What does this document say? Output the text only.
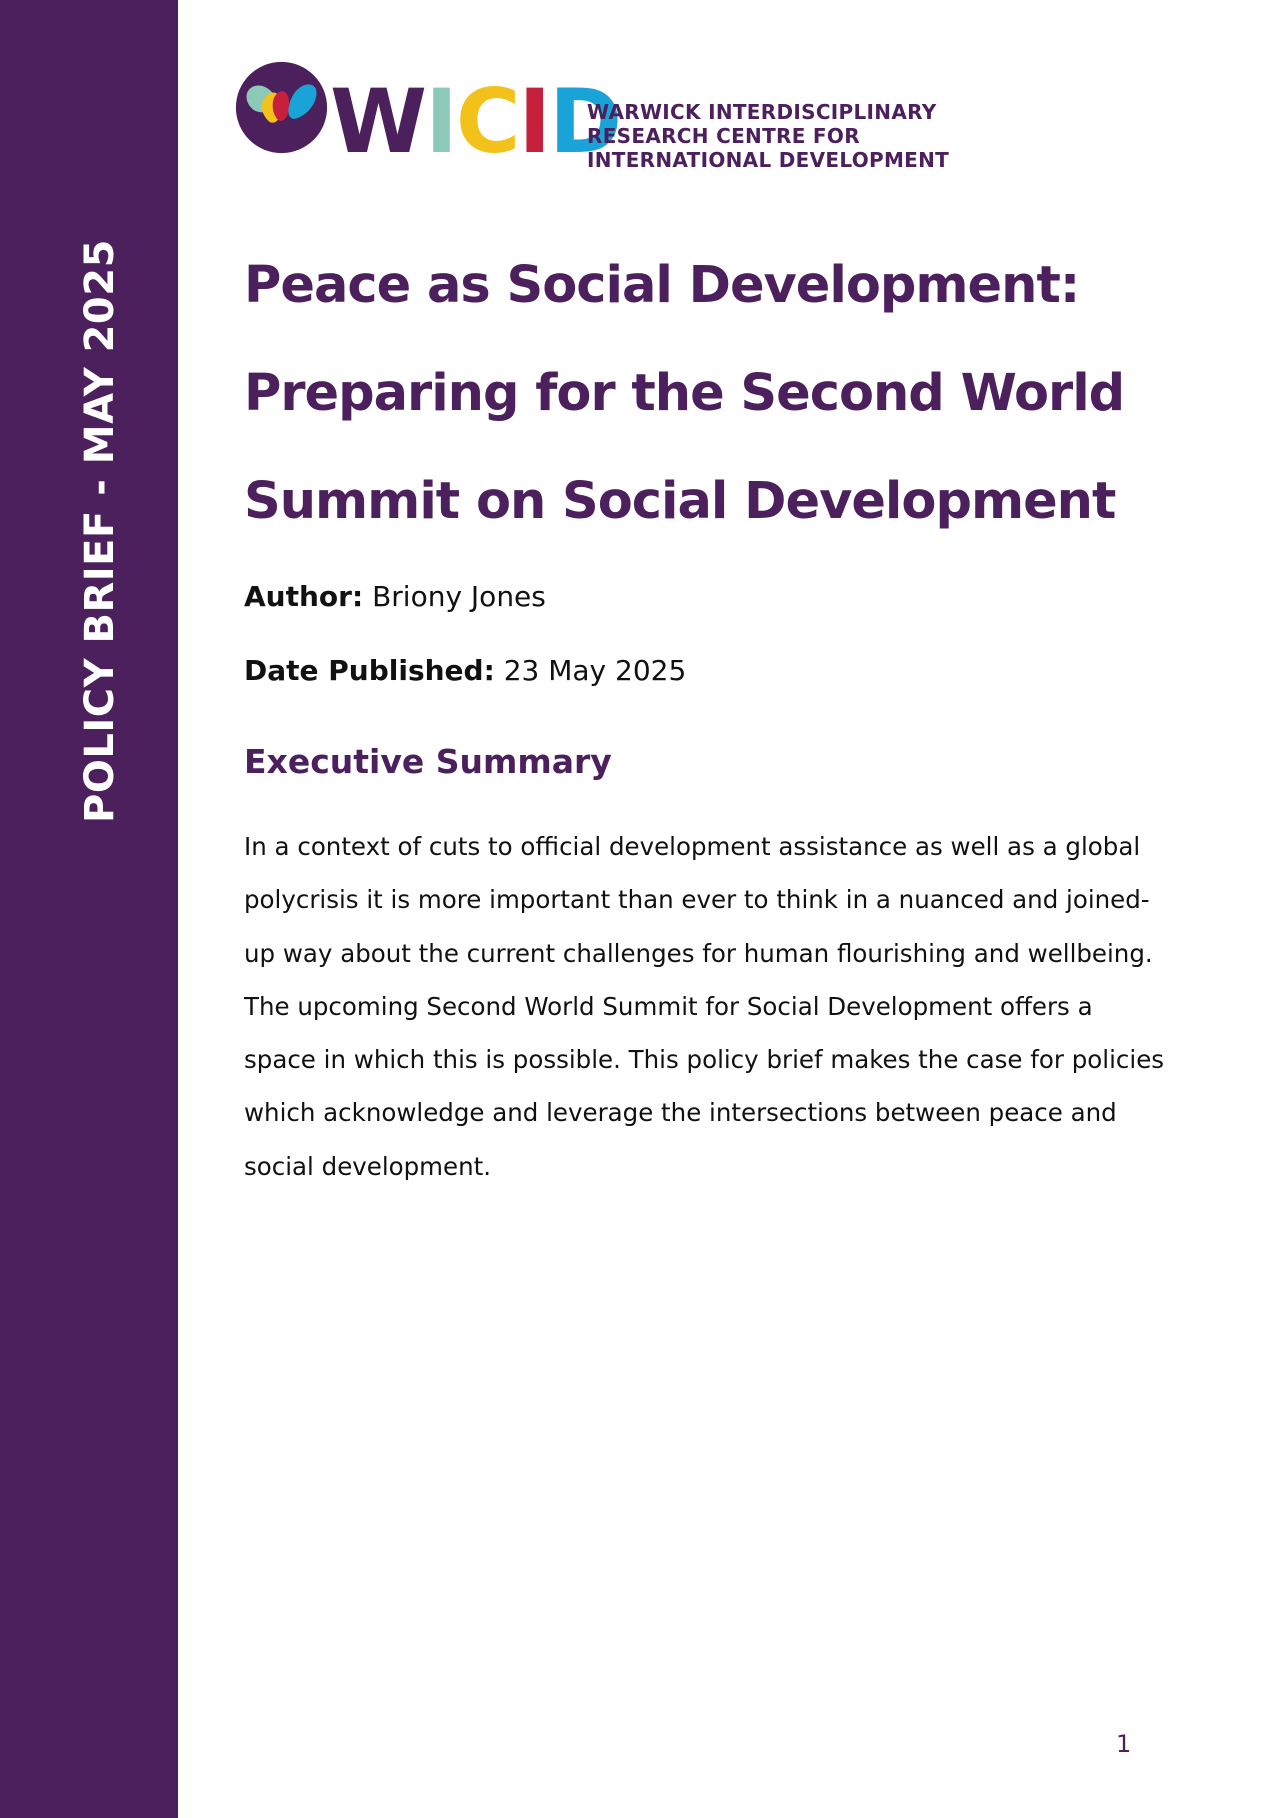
POLICY BRIEF - MAY 2025
WICID
WARWICK INTERDISCIPLINARY
RESEARCH CENTRE FOR
INTERNATIONAL DEVELOPMENT
Peace as Social Development:
Preparing for the Second World
Summit on Social Development
Author: Briony Jones
Date Published: 23 May 2025
Executive Summary
In a context of cuts to official development assistance as well as a global
polycrisis it is more important than ever to think in a nuanced and joined-
up way about the current challenges for human flourishing and wellbeing.
The upcoming Second World Summit for Social Development offers a
space in which this is possible. This policy brief makes the case for policies
which acknowledge and leverage the intersections between peace and
social development.
1
